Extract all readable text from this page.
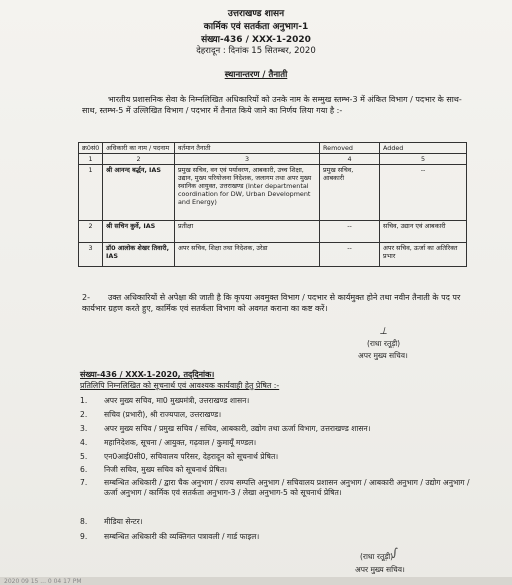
उत्तराखण्ड शासन
कार्मिक एवं सतर्कता अनुभाग-1
संख्या-436 / XXX-1-2020
देहरादून : दिनांक 15 सितम्बर, 2020
स्थानान्तरण / तैनाती
भारतीय प्रशासनिक सेवा के निम्नलिखित अधिकारियों को उनके नाम के सम्मुख स्तम्भ-3 में अंकित विभाग / पदभार के साथ-साथ, स्तम्भ-5 में उल्लिखित विभाग / पदभार में तैनात किये जाने का निर्णय लिया गया है :-
क्र0सं0	अधिकारी का नाम / पदनाम	वर्तमान तैनाती	Removed	Added
1	2	3	4	5
1	श्री आनन्द बर्द्धन, IAS	प्रमुख सचिव, वन एवं पर्यावरण, आबकारी, उच्च शिक्षा, उद्यान, मुख्य परियोजना निदेशक, जलागम तथा अपर मुख्य स्थानिक आयुक्त, उत्तराखण्ड (Inter departmental coordination for DW, Urban Development and Energy)	प्रमुख सचिव, आबकारी	--
2	श्री सचिन कुर्वे, IAS	प्रतीक्षा	--	सचिव, उद्यान एवं आबकारी
3	डॉ0 आलोक शेखर तिवारी, IAS	अपर सचिव, शिक्षा तथा निदेशक, उरेडा	--	अपर सचिव, ऊर्जा का अतिरिक्त प्रभार
2-	उक्त अधिकारियों से अपेक्षा की जाती है कि कृपया अवमुक्त विभाग / पदभार से कार्यमुक्त होने तथा नवीन तैनाती के पद पर कार्यभार ग्रहण करते हुए, कार्मिक एवं सतर्कता विभाग को अवगत कराना का कष्ट करें।
⟂
(राधा रतूड़ी)
अपर मुख्य सचिव।
संख्या-436 / XXX-1-2020, तद्‌दिनांक।
प्रतिलिपि निम्नलिखित को सूचनार्थ एवं आवश्यक कार्यवाही हेतु प्रेषित :-
1. अपर मुख्य सचिव, मा0 मुख्यमंत्री, उत्तराखण्ड शासन।
2. सचिव (प्रभारी), श्री राज्यपाल, उत्तराखण्ड।
3. अपर मुख्य सचिव / प्रमुख सचिव / सचिव, आबकारी, उद्योग तथा ऊर्जा विभाग, उत्तराखण्ड शासन।
4. महानिदेशक, सूचना / आयुक्त, गढ़वाल / कुमायूँ मण्डल।
5. एन0आई0सी0, सचिवालय परिसर, देहरादून को सूचनार्थ प्रेषित।
6. निजी सचिव, मुख्य सचिव को सूचनार्थ प्रेषित।
7. सम्बन्धित अधिकारी / द्वारा चैक अनुभाग / राज्य सम्पत्ति अनुभाग / सचिवालय प्रशासन अनुभाग / आबकारी अनुभाग / उद्योग अनुभाग / ऊर्जा अनुभाग / कार्मिक एवं सतर्कता अनुभाग-3 / लेखा अनुभाग-5 को सूचनार्थ प्रेषित।
8. मीडिया सेन्टर।
9. सम्बन्धित अधिकारी की व्यक्तिगत पत्रावली / गार्ड फाइल।
∫
(राधा रतूड़ी)
अपर मुख्य सचिव।
2020 09 15 ... 0 04 17 PM
